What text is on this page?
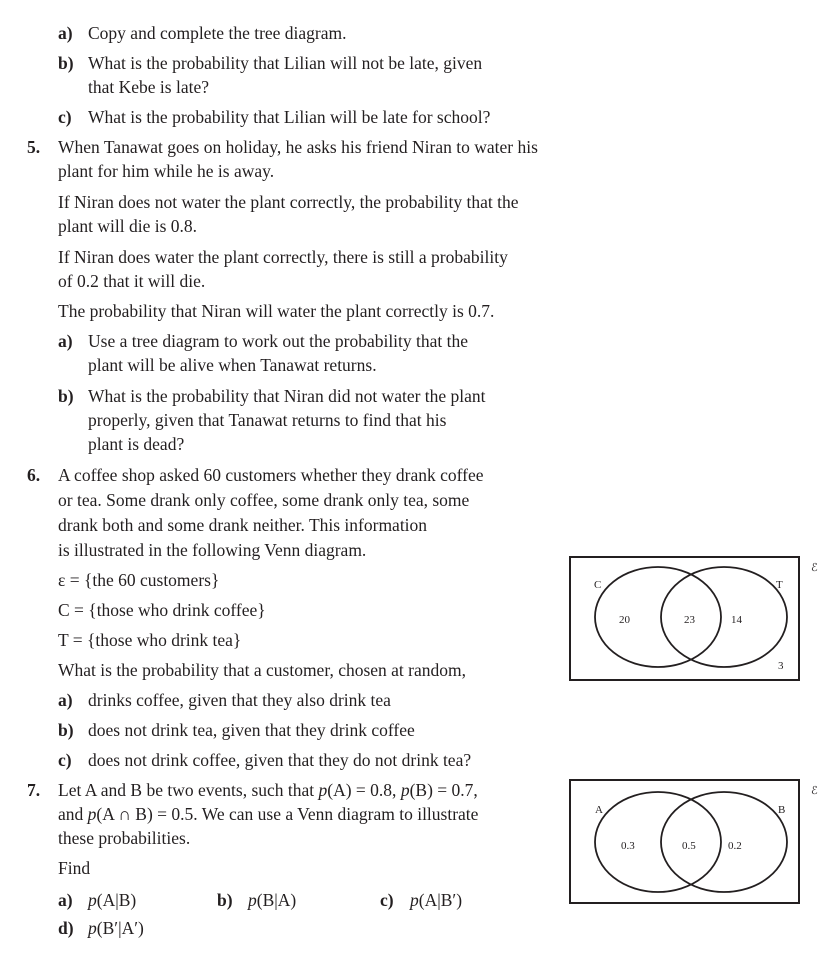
a) Copy and complete the tree diagram.
b) What is the probability that Lilian will not be late, given
that Kebe is late?
c) What is the probability that Lilian will be late for school?
5. When Tanawat goes on holiday, he asks his friend Niran to water his
plant for him while he is away.
If Niran does not water the plant correctly, the probability that the
plant will die is 0.8.
If Niran does water the plant correctly, there is still a probability
of 0.2 that it will die.
The probability that Niran will water the plant correctly is 0.7.
a) Use a tree diagram to work out the probability that the
plant will be alive when Tanawat returns.
b) What is the probability that Niran did not water the plant
properly, given that Tanawat returns to find that his
plant is dead?
6. A coffee shop asked 60 customers whether they drank coffee
or tea. Some drank only coffee, some drank only tea, some
drank both and some drank neither. This information
is illustrated in the following Venn diagram.
ε = {the 60 customers}
C = {those who drink coffee}
T = {those who drink tea}
What is the probability that a customer, chosen at random,
a) drinks coffee, given that they also drink tea
b) does not drink tea, given that they drink coffee
c) does not drink coffee, given that they do not drink tea?
ℰ
C	T
20	23	14
3
7. Let A and B be two events, such that p(A) = 0.8, p(B) = 0.7,
and p(A ∩ B) = 0.5. We can use a Venn diagram to illustrate
these probabilities.
Find
a) p(A|B)	b) p(B|A)	c) p(A|B′)
d) p(B′|A′)
ℰ
A	B
0.3	0.5	0.2
